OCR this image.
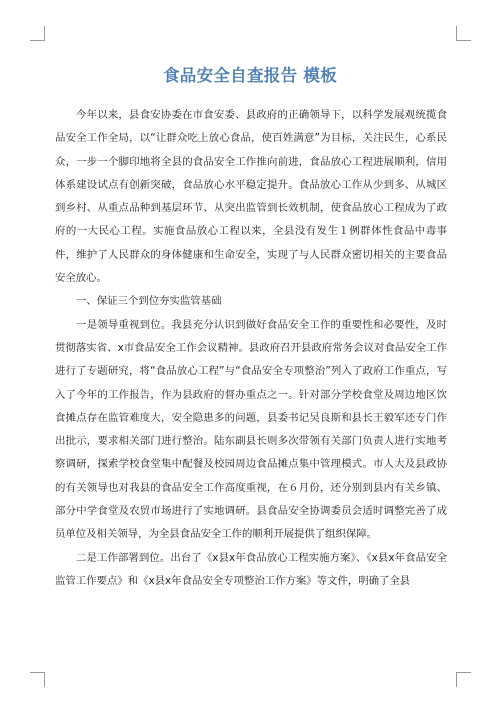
食品安全自查报告 模板

今年以来，县食安协委在市食安委、县政府的正确领导下，以科学发展观统揽食品安全工作全局，以“让群众吃上放心食品，使百姓满意”为目标，关注民生，心系民众，一步一个脚印地将全县的食品安全工作推向前进，食品放心工程进展顺利，信用体系建设试点有创新突破，食品放心水平稳定提升。食品放心工作从少到多、从城区到乡村、从重点品种到基层环节、从突出监管到长效机制，使食品放心工程成为了政府的一大民心工程。实施食品放心工程以来，全县没有发生１例群体性食品中毒事件，维护了人民群众的身体健康和生命安全，实现了与人民群众密切相关的主要食品安全放心。

一、保证三个到位夯实监管基础

一是领导重视到位。我县充分认识到做好食品安全工作的重要性和必要性，及时贯彻落实省、x市食品安全工作会议精神。县政府召开县政府常务会议对食品安全工作进行了专题研究，将“食品放心工程”与“食品安全专项整治”列入了政府工作重点，写入了今年的工作报告，作为县政府的督办重点之一。针对部分学校食堂及周边地区饮食摊点存在监管难度大，安全隐患多的问题，县委书记吴良斯和县长王毅军还专门作出批示，要求相关部门进行整治。陆东副县长则多次带领有关部门负责人进行实地考察调研，探索学校食堂集中配餐及校园周边食品摊点集中管理模式。市人大及县政协的有关领导也对我县的食品安全工作高度重视，在６月份，还分别到县内有关乡镇、部分中学食堂及农贸市场进行了实地调研。县食品安全协调委员会适时调整完善了成员单位及相关领导，为全县食品安全工作的顺利开展提供了组织保障。

二是工作部署到位。出台了《x县x年食品放心工程实施方案》、《x县x年食品安全监管工作要点》和《x县x年食品安全专项整治工作方案》等文件，明确了全县
